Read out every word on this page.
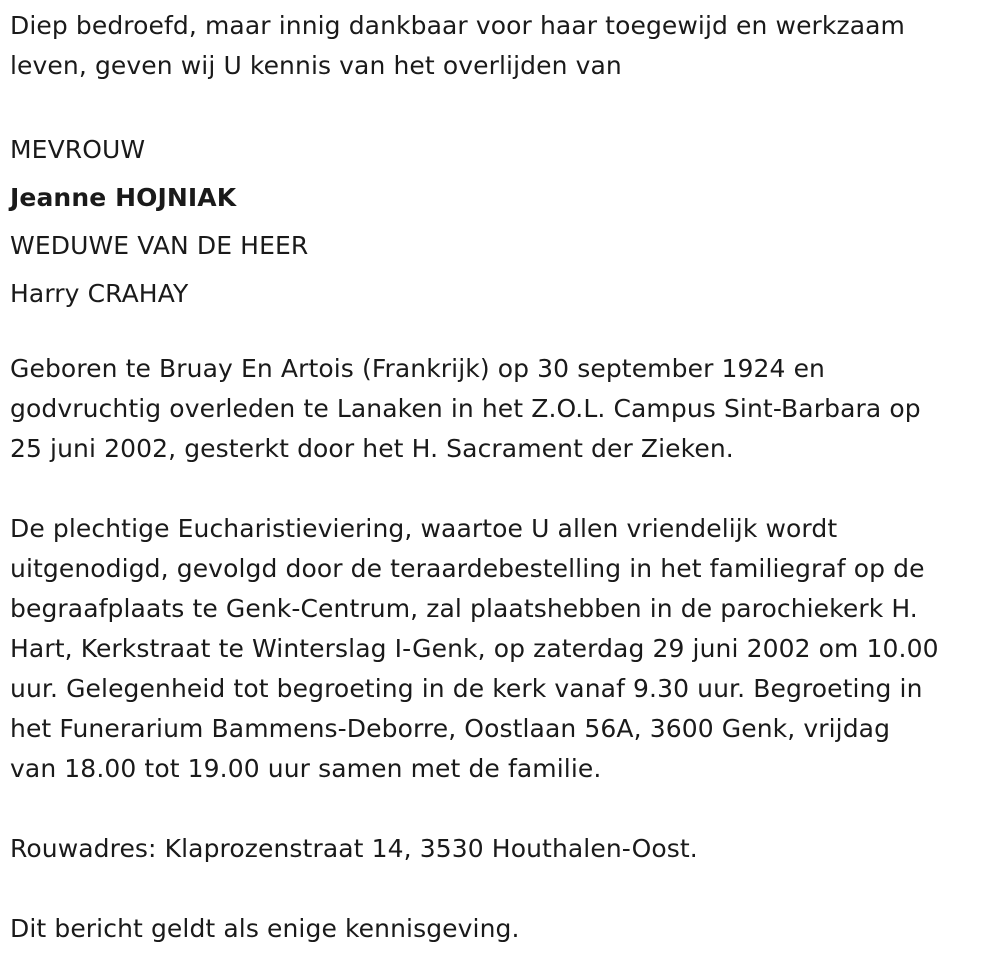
Diep bedroefd, maar innig dankbaar voor haar toegewijd en werkzaam
leven, geven wij U kennis van het overlijden van
MEVROUW
Jeanne HOJNIAK
WEDUWE VAN DE HEER
Harry CRAHAY
Geboren te Bruay En Artois (Frankrijk) op 30 september 1924 en
godvruchtig overleden te Lanaken in het Z.O.L. Campus Sint-Barbara op
25 juni 2002, gesterkt door het H. Sacrament der Zieken.
De plechtige Eucharistieviering, waartoe U allen vriendelijk wordt
uitgenodigd, gevolgd door de teraardebestelling in het familiegraf op de
begraafplaats te Genk-Centrum, zal plaatshebben in de parochiekerk H.
Hart, Kerkstraat te Winterslag I-Genk, op zaterdag 29 juni 2002 om 10.00
uur. Gelegenheid tot begroeting in de kerk vanaf 9.30 uur. Begroeting in
het Funerarium Bammens-Deborre, Oostlaan 56A, 3600 Genk, vrijdag
van 18.00 tot 19.00 uur samen met de familie.
Rouwadres: Klaprozenstraat 14, 3530 Houthalen-Oost.
Dit bericht geldt als enige kennisgeving.
